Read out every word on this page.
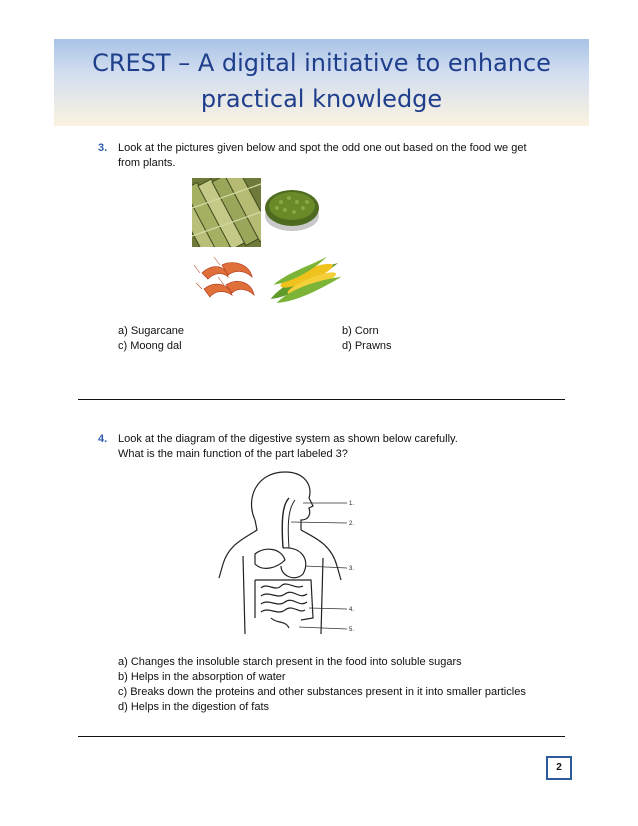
CREST – A digital initiative to enhance practical knowledge
3. Look at the pictures given below and spot the odd one out based on the food we get
from plants.
a) Sugarcane
c) Moong dal
b) Corn
d) Prawns
4. Look at the diagram of the digestive system as shown below carefully.
What is the main function of the part labeled 3?
1.
2.
3.
4.
5.
a) Changes the insoluble starch present in the food into soluble sugars
b) Helps in the absorption of water
c) Breaks down the proteins and other substances present in it into smaller particles
d) Helps in the digestion of fats
2
